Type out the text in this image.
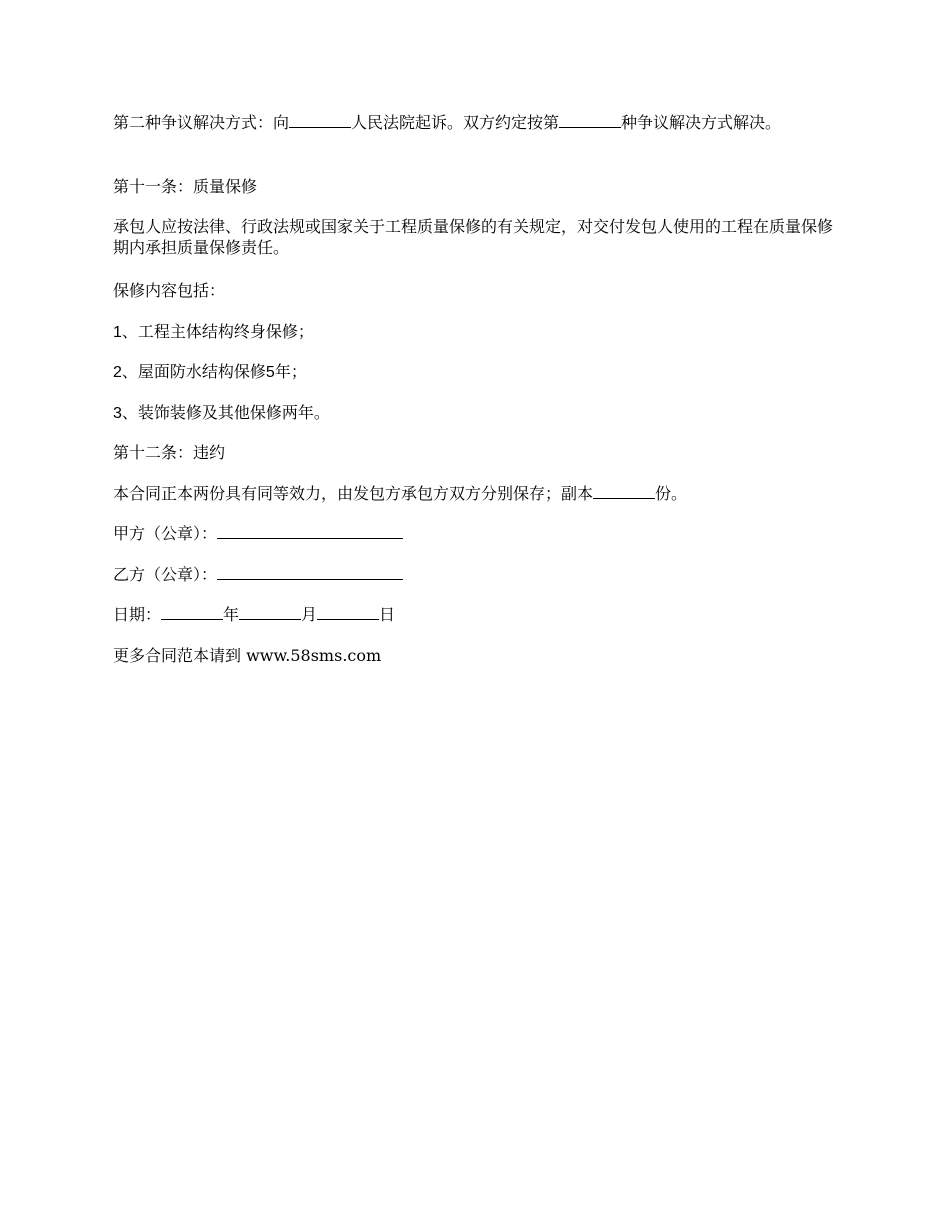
第二种争议解决方式：向	人民法院起诉。双方约定按第	种争议解决方式解决。

第十一条：质量保修

承包人应按法律、行政法规或国家关于工程质量保修的有关规定，对交付发包人使用的工程在质量保修期内承担质量保修责任。

保修内容包括：

1、工程主体结构终身保修；

2、屋面防水结构保修5年；

3、装饰装修及其他保修两年。

第十二条：违约

本合同正本两份具有同等效力，由发包方承包方双方分别保存；副本	份。

甲方（公章）：

乙方（公章）：

日期：	年	月	日

更多合同范本请到 www.58sms.com
